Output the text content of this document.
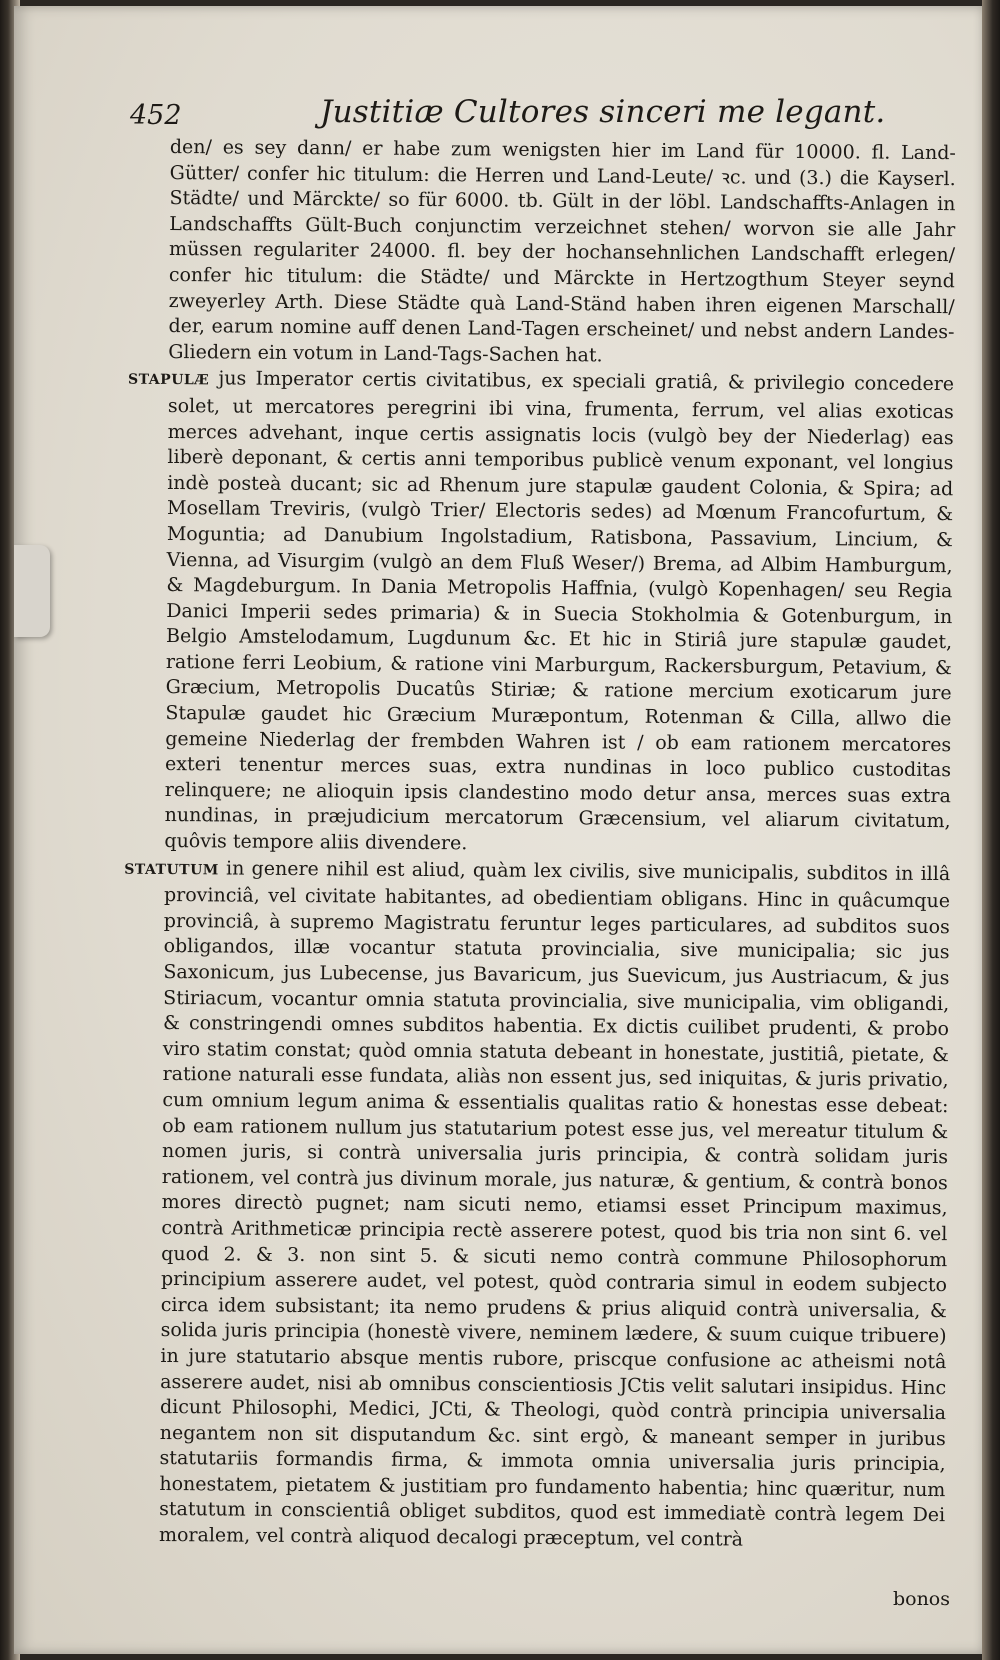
452	Justitiæ Cultores sinceri me legant.

den/ es sey dann/ er habe zum wenigsten hier im Land für 10000. fl. Land-Gütter/ confer hic titulum: die Herren und Land-Leute/ ꝛc. und (3.) die Kayserl. Städte/ und Märckte/ so für 6000. tb. Gült in der löbl. Landschaffts-Anlagen in Landschaffts Gült-Buch conjunctim verzeichnet stehen/ worvon sie alle Jahr müssen regulariter 24000. fl. bey der hochansehnlichen Landschafft erlegen/ confer hic titulum: die Städte/ und Märckte in Hertzogthum Steyer seynd zweyerley Arth. Diese Städte quà Land-Ständ haben ihren eigenen Marschall/ der, earum nomine auff denen Land-Tagen erscheinet/ und nebst andern Landes-Gliedern ein votum in Land-Tags-Sachen hat.

STAPULÆ jus Imperator certis civitatibus, ex speciali gratiâ, & privilegio concedere solet, ut mercatores peregrini ibi vina, frumenta, ferrum, vel alias exoticas merces advehant, inque certis assignatis locis (vulgò bey der Niederlag) eas liberè deponant, & certis anni temporibus publicè venum exponant, vel longius indè posteà ducant; sic ad Rhenum jure stapulæ gaudent Colonia, & Spira; ad Mosellam Treviris, (vulgò Trier/ Electoris sedes) ad Mœnum Francofurtum, & Moguntia; ad Danubium Ingolstadium, Ratisbona, Passavium, Lincium, & Vienna, ad Visurgim (vulgò an dem Fluß Weser/) Brema, ad Albim Hamburgum, & Magdeburgum. In Dania Metropolis Haffnia, (vulgò Kopenhagen/ seu Regia Danici Imperii sedes primaria) & in Suecia Stokholmia & Gotenburgum, in Belgio Amstelodamum, Lugdunum &c. Et hic in Stiriâ jure stapulæ gaudet, ratione ferri Leobium, & ratione vini Marburgum, Rackersburgum, Petavium, & Græcium, Metropolis Ducatûs Stiriæ; & ratione mercium exoticarum jure Stapulæ gaudet hic Græcium Muræpontum, Rotenman & Cilla, allwo die gemeine Niederlag der frembden Wahren ist / ob eam rationem mercatores exteri tenentur merces suas, extra nundinas in loco publico custoditas relinquere; ne alioquin ipsis clandestino modo detur ansa, merces suas extra nundinas, in præjudicium mercatorum Græcensium, vel aliarum civitatum, quôvis tempore aliis divendere.

STATUTUM in genere nihil est aliud, quàm lex civilis, sive municipalis, subditos in illâ provinciâ, vel civitate habitantes, ad obedientiam obligans. Hinc in quâcumque provinciâ, à supremo Magistratu feruntur leges particulares, ad subditos suos obligandos, illæ vocantur statuta provincialia, sive municipalia; sic jus Saxonicum, jus Lubecense, jus Bavaricum, jus Suevicum, jus Austriacum, & jus Stiriacum, vocantur omnia statuta provincialia, sive municipalia, vim obligandi, & constringendi omnes subditos habentia. Ex dictis cuilibet prudenti, & probo viro statim constat; quòd omnia statuta debeant in honestate, justitiâ, pietate, & ratione naturali esse fundata, aliàs non essent jus, sed iniquitas, & juris privatio, cum omnium legum anima & essentialis qualitas ratio & honestas esse debeat: ob eam rationem nullum jus statutarium potest esse jus, vel mereatur titulum & nomen juris, si contrà universalia juris principia, & contrà solidam juris rationem, vel contrà jus divinum morale, jus naturæ, & gentium, & contrà bonos mores directò pugnet; nam sicuti nemo, etiamsi esset Principum maximus, contrà Arithmeticæ principia rectè asserere potest, quod bis tria non sint 6. vel quod 2. & 3. non sint 5. & sicuti nemo contrà commune Philosophorum principium asserere audet, vel potest, quòd contraria simul in eodem subjecto circa idem subsistant; ita nemo prudens & prius aliquid contrà universalia, & solida juris principia (honestè vivere, neminem lædere, & suum cuique tribuere) in jure statutario absque mentis rubore, priscque confusione ac atheismi notâ asserere audet, nisi ab omnibus conscientiosis JCtis velit salutari insipidus. Hinc dicunt Philosophi, Medici, JCti, & Theologi, quòd contrà principia universalia negantem non sit disputandum &c. sint ergò, & maneant semper in juribus statutariis formandis firma, & immota omnia universalia juris principia, honestatem, pietatem & justitiam pro fundamento habentia; hinc quæritur, num statutum in conscientiâ obliget subditos, quod est immediatè contrà legem Dei moralem, vel contrà aliquod decalogi præceptum, vel contrà

bonos
